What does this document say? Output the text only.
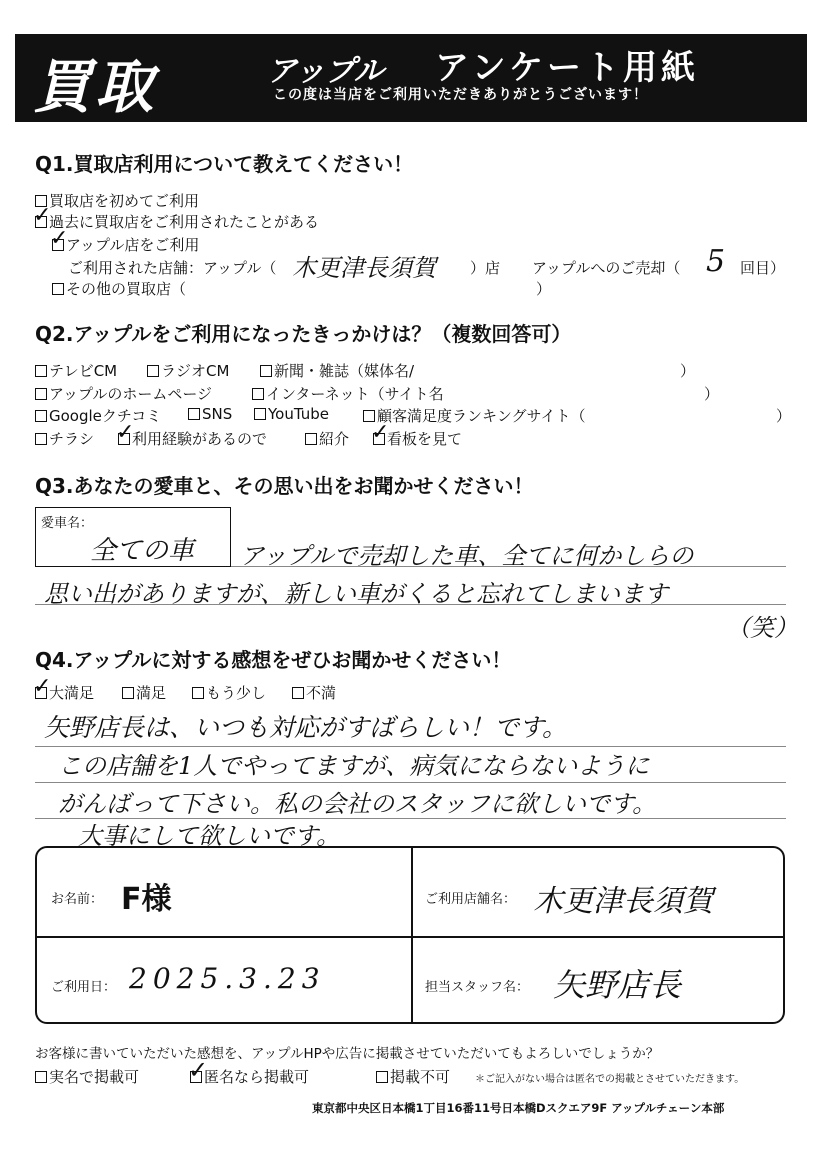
買取	アップル アンケート用紙
この度は当店をご利用いただきありがとうございます！
Q1.買取店利用について教えてください！
買取店を初めてご利用
✓
過去に買取店をご利用されたことがある
✓
アップル店をご利用
ご利用された店舗：アップル（ 木更津長須賀 ）店 アップルへのご売却（ 5 回目）
その他の買取店（	）
Q2.アップルをご利用になったきっかけは？（複数回答可）
テレビCM	ラジオCM	新聞・雑誌（媒体名/	）
アップルのホームページ	インターネット（サイト名	）
Googleクチコミ	SNS	YouTube	顧客満足度ランキングサイト（	）
チラシ ✓
利用経験があるので	紹介 ✓
看板を見て
Q3.あなたの愛車と、その思い出をお聞かせください！
愛車名：
全ての車 アップルで売却した車、全てに何かしらの
思い出がありますが、新しい車がくると忘れてしまいます
（笑）
Q4.アップルに対する感想をぜひお聞かせください！
✓
大満足	満足	もう少し	不満
矢野店長は、いつも対応がすばらしい！です。
この店舗を1人でやってますが、病気にならないように
がんばって下さい。私の会社のスタッフに欲しいです。
大事にして欲しいです。
お名前： F様	ご利用店舗名： 木更津長須賀
ご利用日： 2025.3.23	担当スタッフ名： 矢野店長
お客様に書いていただいた感想を、アップルHPや広告に掲載させていただいてもよろしいでしょうか？
実名で掲載可 ✓
匿名なら掲載可	掲載不可 ＊ご記入がない場合は匿名での掲載とさせていただきます。
東京都中央区日本橋1丁目16番11号日本橋Dスクエア9F アップルチェーン本部
